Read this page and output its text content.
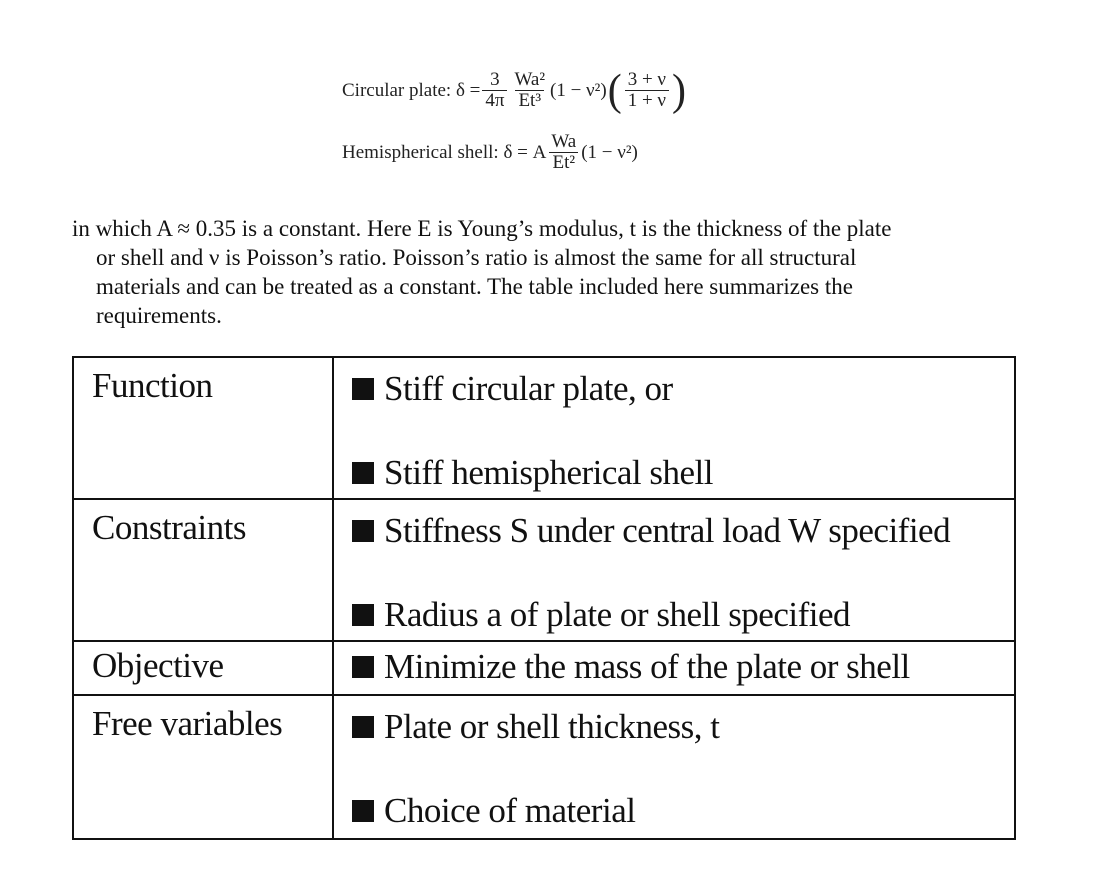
Circular plate: $\delta = \frac{3}{4\pi} \frac{\text{Wa²}}{\text{Et³}} (1 - \nu^2)$ ( $\frac{3 + \nu}{1 + \nu}$ )
Hemispherical shell: δ = A $\frac{Wa}{\text{Et²}} (1 - \nu^2)$
in which A ≈ 0.35 is a constant. Here E is Young’s modulus, t is the thickness of the plate
or shell and ν is Poisson’s ratio. Poisson’s ratio is almost the same for all structural
materials and can be treated as a constant. The table included here summarizes the
requirements.
Function	Stiff circular plate, or
Stiff hemispherical shell

Constraints	Stiffness S under central load W specified
Radius a of plate or shell specified

Objective	Minimize the mass of the plate or shell

Free variables	Plate or shell thickness, t
Choice of material
